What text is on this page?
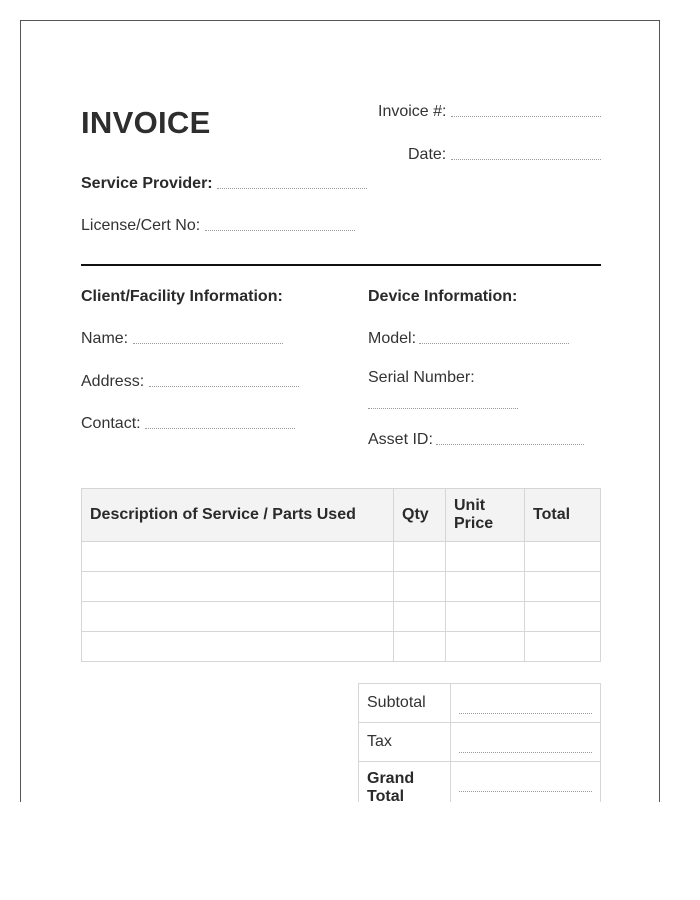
INVOICE	Invoice #:
Date:
Service Provider:
License/Cert No:
Client/Facility Information:
Name:
Address:
Contact:
Device Information:
Model:
Serial Number:
Asset ID:
Description of Service / Parts Used	Qty	Unit Price	Total

Subtotal	

Tax	

Grand Total	
